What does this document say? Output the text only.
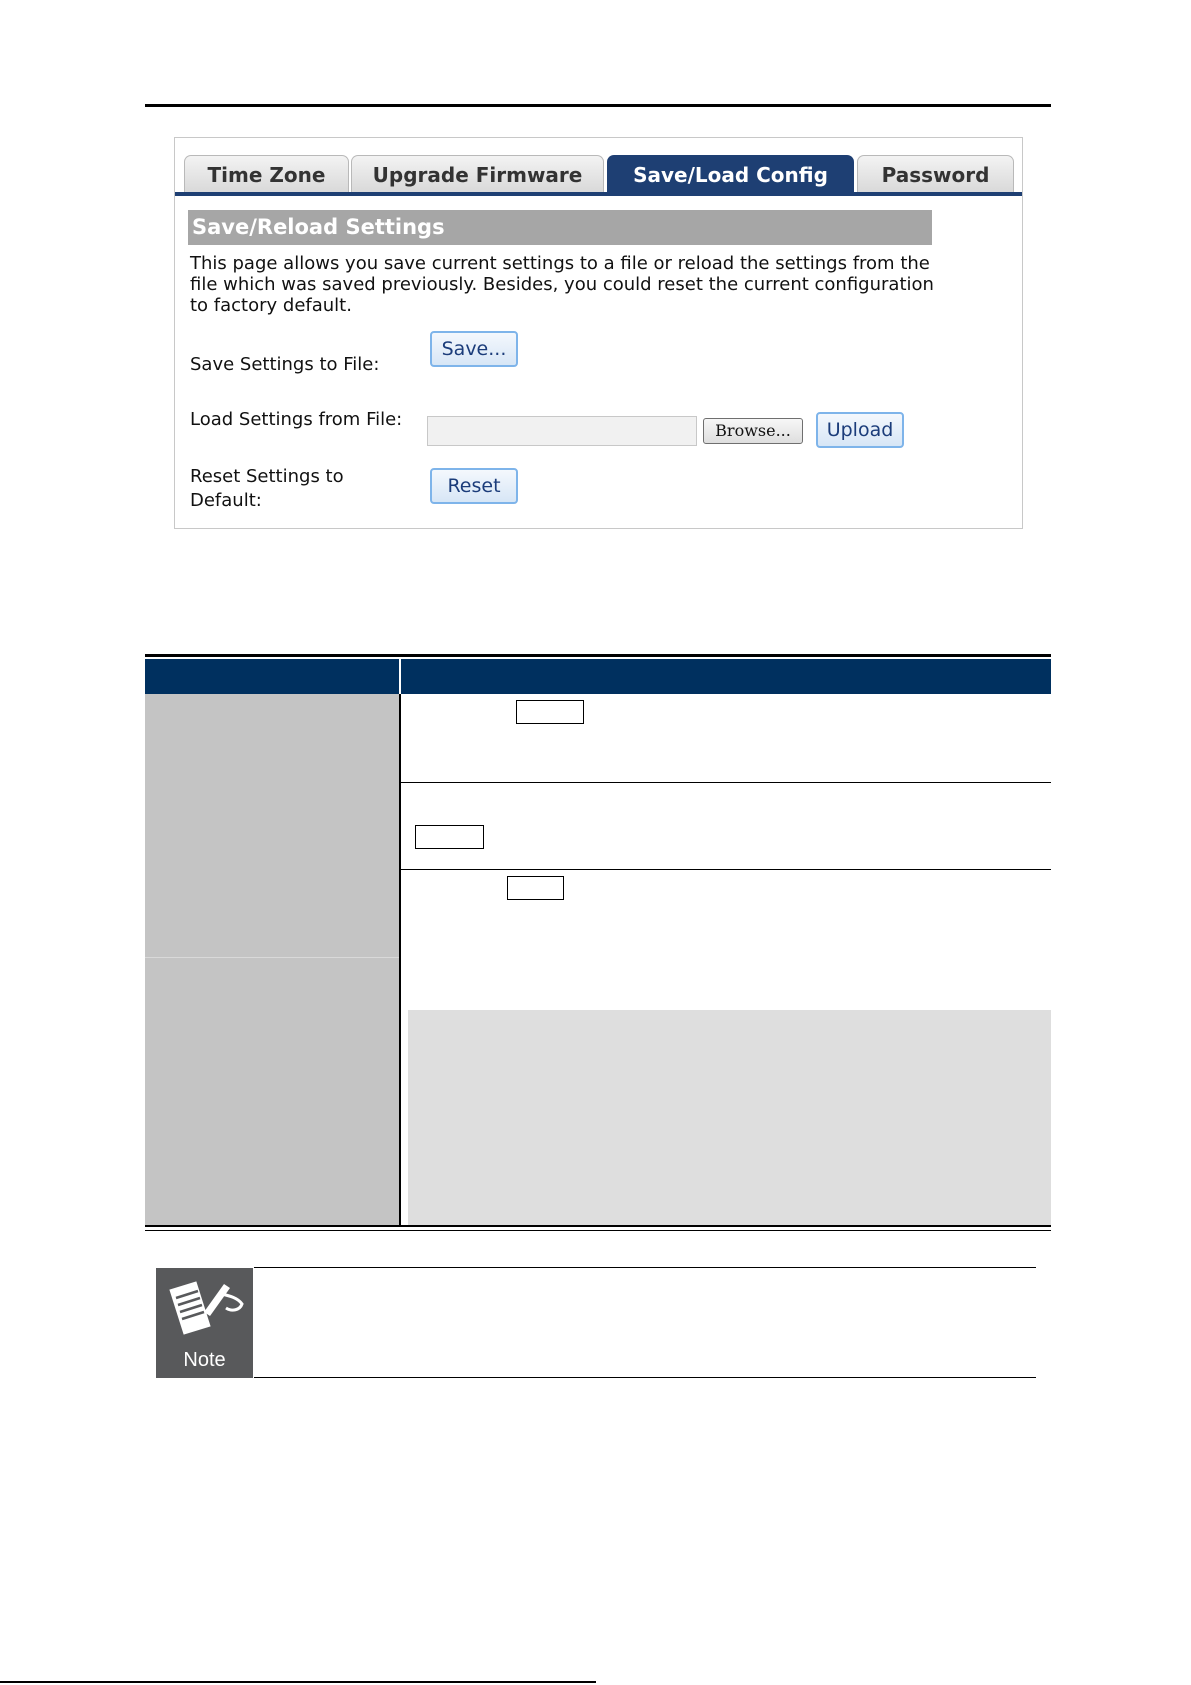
Time Zone	Upgrade Firmware	Save/Load Config	Password
Save/Reload Settings
This page allows you save current settings to a file or reload the settings from the file which was saved previously. Besides, you could reset the current configuration to factory default.
Save Settings to File:
Save...
Load Settings from File:
Browse...	Upload
Reset Settings to Default:
Reset
Note
